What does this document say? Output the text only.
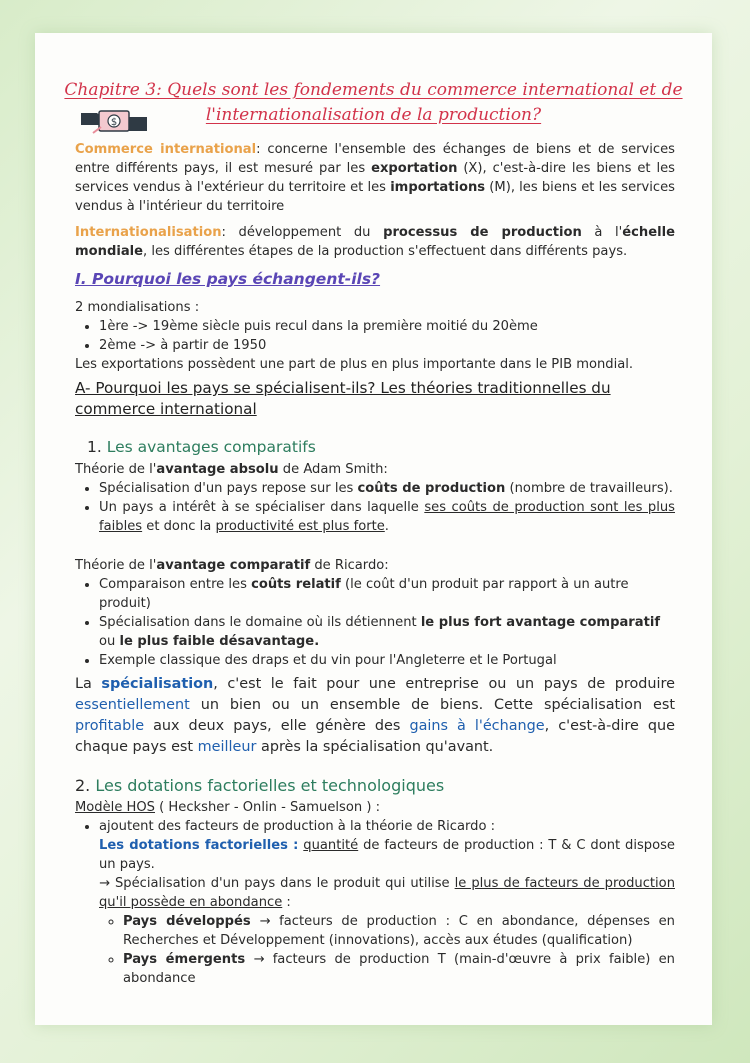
$
Chapitre 3: Quels sont les fondements du commerce international et de
l'internationalisation de la production?

Commerce international: concerne l'ensemble des échanges de biens et de services entre différents pays, il est mesuré par les exportation (X), c'est-à-dire les biens et les services vendus à l'extérieur du territoire et les importations (M), les biens et les services vendus à l'intérieur du territoire

Internationalisation: développement du processus de production à l'échelle mondiale, les différentes étapes de la production s'effectuent dans différents pays.

I. Pourquoi les pays échangent-ils?

2 mondialisations :

• 1ère -> 19ème siècle puis recul dans la première moitié du 20ème
• 2ème -> à partir de 1950

Les exportations possèdent une part de plus en plus importante dans le PIB mondial.

A- Pourquoi les pays se spécialisent-ils? Les théories traditionnelles du commerce international
1. Les avantages comparatifs

Théorie de l'avantage absolu de Adam Smith:

• Spécialisation d'un pays repose sur les coûts de production (nombre de travailleurs).
• Un pays a intérêt à se spécialiser dans laquelle ses coûts de production sont les plus faibles et donc la productivité est plus forte.

Théorie de l'avantage comparatif de Ricardo:

• Comparaison entre les coûts relatif (le coût d'un produit par rapport à un autre produit)
• Spécialisation dans le domaine où ils détiennent le plus fort avantage comparatif ou le plus faible désavantage.
• Exemple classique des draps et du vin pour l'Angleterre et le Portugal

La spécialisation, c'est le fait pour une entreprise ou un pays de produire essentiellement un bien ou un ensemble de biens. Cette spécialisation est profitable aux deux pays, elle génère des gains à l'échange, c'est-à-dire que chaque pays est meilleur après la spécialisation qu'avant.

2. Les dotations factorielles et technologiques

Modèle HOS ( Hecksher - Onlin - Samuelson ) :

• ajoutent des facteurs de production à la théorie de Ricardo :

Les dotations factorielles : quantité de facteurs de production : T & C dont dispose un pays.
→ Spécialisation d'un pays dans le produit qui utilise le plus de facteurs de production qu'il possède en abondance :
◦ Pays développés → facteurs de production : C en abondance, dépenses en Recherches et Développement (innovations), accès aux études (qualification)
◦ Pays émergents → facteurs de production T (main-d'œuvre à prix faible) en abondance
